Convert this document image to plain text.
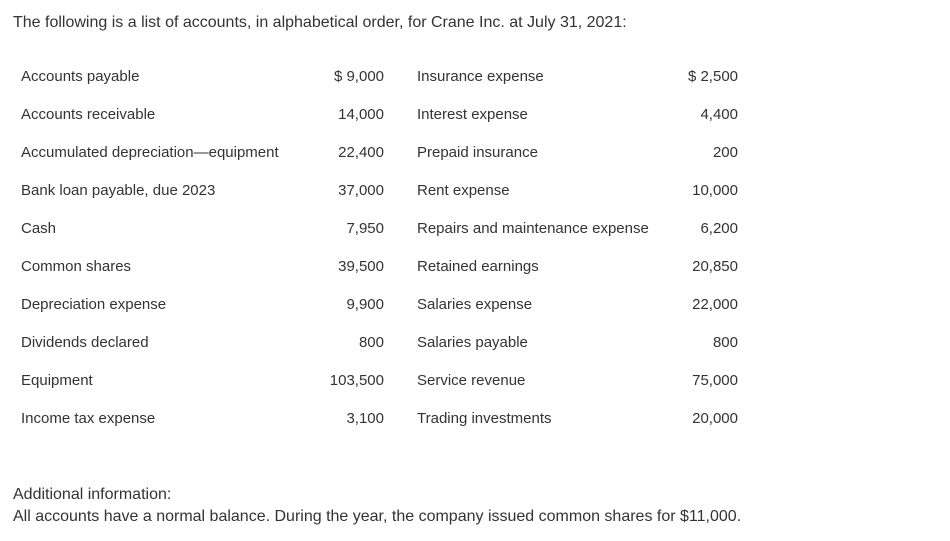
The following is a list of accounts, in alphabetical order, for Crane Inc. at July 31, 2021:
Accounts payable	$ 9,000 Insurance expense	$ 2,500
Accounts receivable	14,000 Interest expense	4,400
Accumulated depreciation—equipment	22,400 Prepaid insurance	200
Bank loan payable, due 2023	37,000 Rent expense	10,000
Cash	7,950 Repairs and maintenance expense	6,200
Common shares	39,500 Retained earnings	20,850
Depreciation expense	9,900 Salaries expense	22,000
Dividends declared	800 Salaries payable	800
Equipment	103,500 Service revenue	75,000
Income tax expense	3,100 Trading investments	20,000
Additional information:
All accounts have a normal balance. During the year, the company issued common shares for $11,000.
